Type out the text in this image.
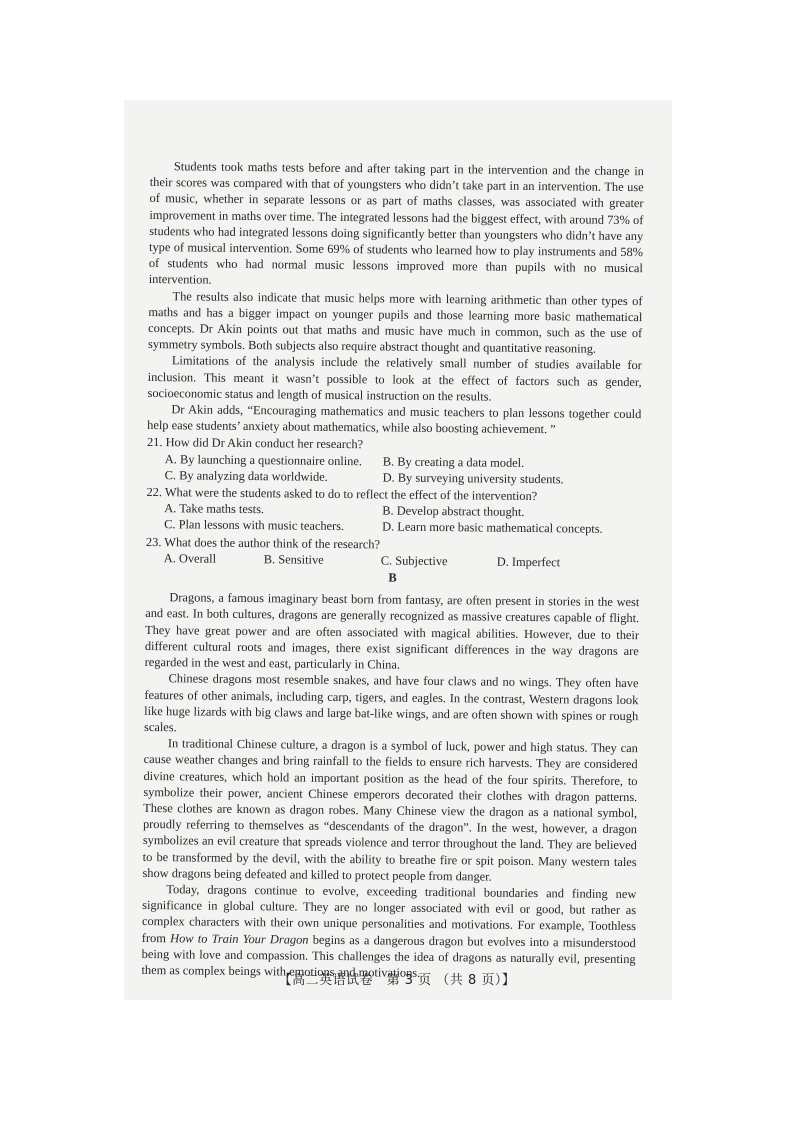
Students took maths tests before and after taking part in the intervention and the change in their scores was compared with that of youngsters who didn’t take part in an intervention. The use of music, whether in separate lessons or as part of maths classes, was associated with greater improvement in maths over time. The integrated lessons had the biggest effect, with around 73% of students who had integrated lessons doing significantly better than youngsters who didn’t have any type of musical intervention. Some 69% of students who learned how to play instruments and 58% of students who had normal music lessons improved more than pupils with no musical intervention.

The results also indicate that music helps more with learning arithmetic than other types of maths and has a bigger impact on younger pupils and those learning more basic mathematical concepts. Dr Akin points out that maths and music have much in common, such as the use of symmetry symbols. Both subjects also require abstract thought and quantitative reasoning.

Limitations of the analysis include the relatively small number of studies available for inclusion. This meant it wasn’t possible to look at the effect of factors such as gender, socioeconomic status and length of musical instruction on the results.

Dr Akin adds, “Encouraging mathematics and music teachers to plan lessons together could help ease students’ anxiety about mathematics, while also boosting achievement. ”

21. How did Dr Akin conduct her research?
A. By launching a questionnaire online.	B. By creating a data model.
C. By analyzing data worldwide.	D. By surveying university students.
22. What were the students asked to do to reflect the effect of the intervention?
A. Take maths tests.	B. Develop abstract thought.
C. Plan lessons with music teachers.	D. Learn more basic mathematical concepts.
23. What does the author think of the research?
A. Overall	B. Sensitive	C. Subjective	D. Imperfect
B

Dragons, a famous imaginary beast born from fantasy, are often present in stories in the west and east. In both cultures, dragons are generally recognized as massive creatures capable of flight. They have great power and are often associated with magical abilities. However, due to their different cultural roots and images, there exist significant differences in the way dragons are regarded in the west and east, particularly in China.

Chinese dragons most resemble snakes, and have four claws and no wings. They often have features of other animals, including carp, tigers, and eagles. In the contrast, Western dragons look like huge lizards with big claws and large bat-like wings, and are often shown with spines or rough scales.

In traditional Chinese culture, a dragon is a symbol of luck, power and high status. They can cause weather changes and bring rainfall to the fields to ensure rich harvests. They are considered divine creatures, which hold an important position as the head of the four spirits. Therefore, to symbolize their power, ancient Chinese emperors decorated their clothes with dragon patterns. These clothes are known as dragon robes. Many Chinese view the dragon as a national symbol, proudly referring to themselves as “descendants of the dragon”. In the west, however, a dragon symbolizes an evil creature that spreads violence and terror throughout the land. They are believed to be transformed by the devil, with the ability to breathe fire or spit poison. Many western tales show dragons being defeated and killed to protect people from danger.

Today, dragons continue to evolve, exceeding traditional boundaries and finding new significance in global culture. They are no longer associated with evil or good, but rather as complex characters with their own unique personalities and motivations. For example, Toothless from How to Train Your Dragon begins as a dangerous dragon but evolves into a misunderstood being with love and compassion. This challenges the idea of dragons as naturally evil, presenting them as complex beings with emotions and motivations.

【高二英语试卷　第 3 页 （共 8 页）】
